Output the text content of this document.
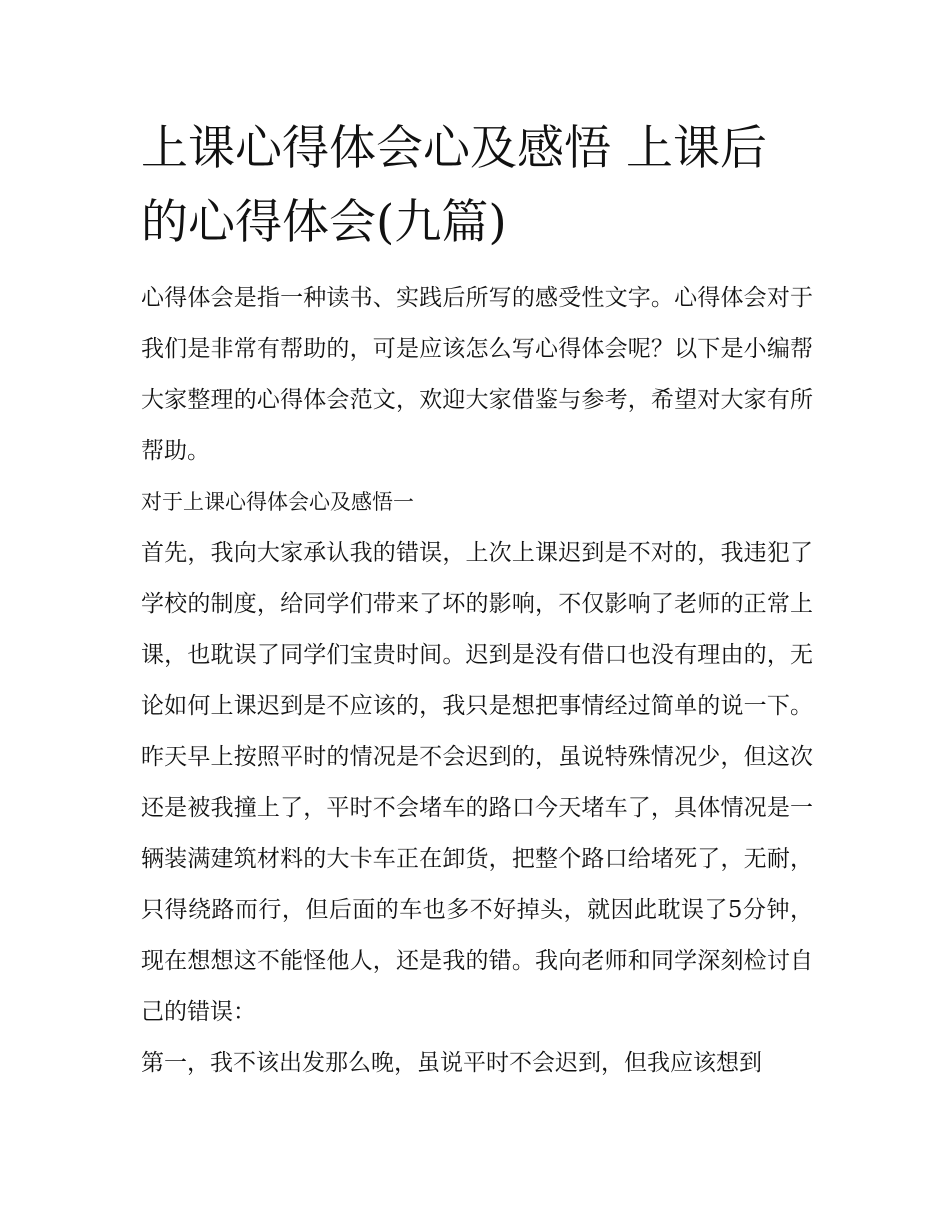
上课心得体会心及感悟 上课后的心得体会(九篇)

心得体会是指一种读书、实践后所写的感受性文字。心得体会对于我们是非常有帮助的，可是应该怎么写心得体会呢？以下是小编帮大家整理的心得体会范文，欢迎大家借鉴与参考，希望对大家有所帮助。

对于上课心得体会心及感悟一

首先，我向大家承认我的错误，上次上课迟到是不对的，我违犯了学校的制度，给同学们带来了坏的影响，不仅影响了老师的正常上课，也耽误了同学们宝贵时间。迟到是没有借口也没有理由的，无论如何上课迟到是不应该的，我只是想把事情经过简单的说一下。昨天早上按照平时的情况是不会迟到的，虽说特殊情况少，但这次还是被我撞上了，平时不会堵车的路口今天堵车了，具体情况是一辆装满建筑材料的大卡车正在卸货，把整个路口给堵死了，无耐，只得绕路而行，但后面的车也多不好掉头，就因此耽误了5分钟，现在想想这不能怪他人，还是我的错。我向老师和同学深刻检讨自己的错误：

第一，我不该出发那么晚，虽说平时不会迟到，但我应该想到
